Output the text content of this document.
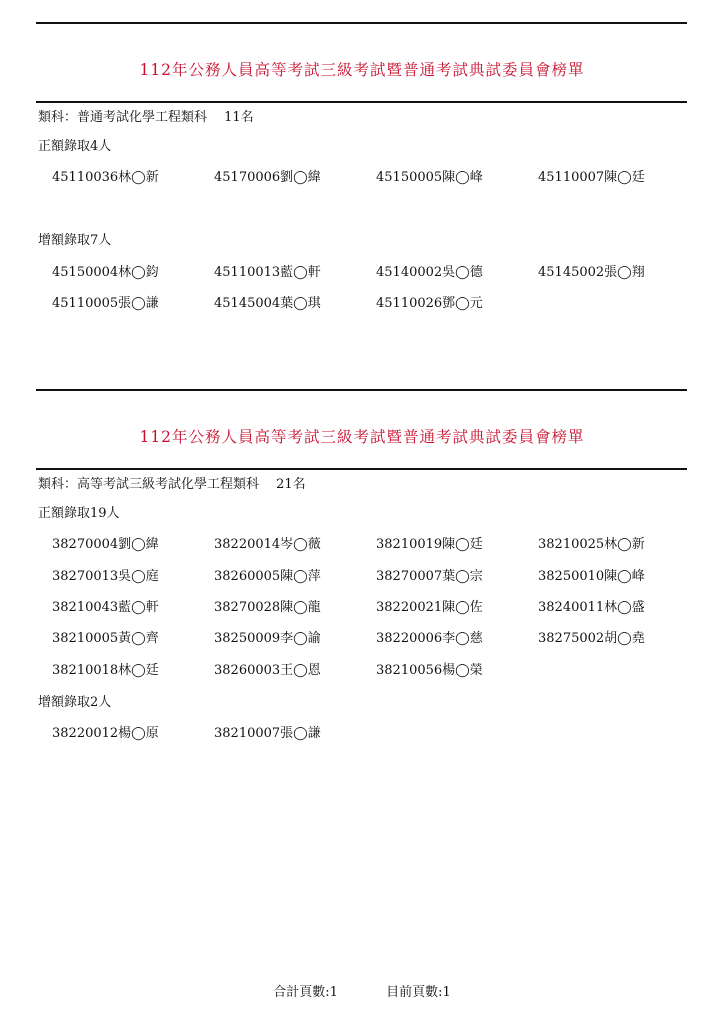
112年公務人員高等考試三級考試暨普通考試典試委員會榜單
類科：普通考試化學工程類科　 11名
正額錄取4人
45110036林◯新	45170006劉◯緯	45150005陳◯峰	45110007陳◯廷
增額錄取7人
45150004林◯鈞	45110013藍◯軒	45140002吳◯德	45145002張◯翔
45110005張◯謙	45145004葉◯琪	45110026鄧◯元
112年公務人員高等考試三級考試暨普通考試典試委員會榜單
類科：高等考試三級考試化學工程類科　 21名
正額錄取19人
38270004劉◯緯	38220014岑◯薇	38210019陳◯廷	38210025林◯新
38270013吳◯庭	38260005陳◯萍	38270007葉◯宗	38250010陳◯峰
38210043藍◯軒	38270028陳◯龍	38220021陳◯佐	38240011林◯盛
38210005黃◯齊	38250009李◯諭	38220006李◯慈	38275002胡◯堯
38210018林◯廷	38260003王◯恩	38210056楊◯榮
增額錄取2人
38220012楊◯原	38210007張◯謙
合計頁數:1	目前頁數:1
